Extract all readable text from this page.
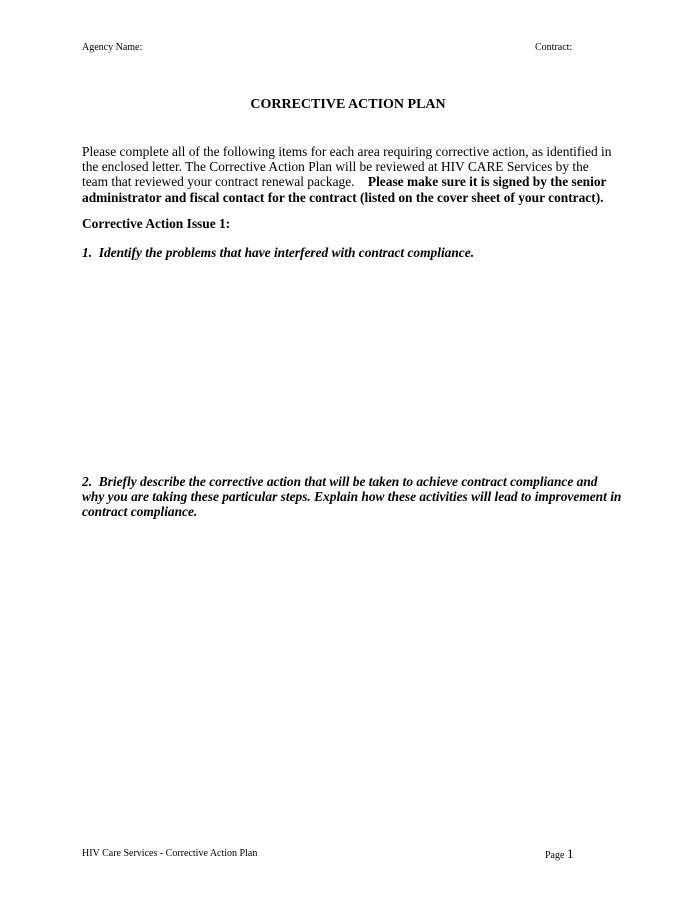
Agency Name:	Contract:
CORRECTIVE ACTION PLAN
Please complete all of the following items for each area requiring corrective action, as identified in the enclosed letter. The Corrective Action Plan will be reviewed at HIV CARE Services by the team that reviewed your contract renewal package. Please make sure it is signed by the senior administrator and fiscal contact for the contract (listed on the cover sheet of your contract).
Corrective Action Issue 1:
1. Identify the problems that have interfered with contract compliance.
2. Briefly describe the corrective action that will be taken to achieve contract compliance and why you are taking these particular steps. Explain how these activities will lead to improvement in contract compliance.
HIV Care Services - Corrective Action Plan	Page 1
